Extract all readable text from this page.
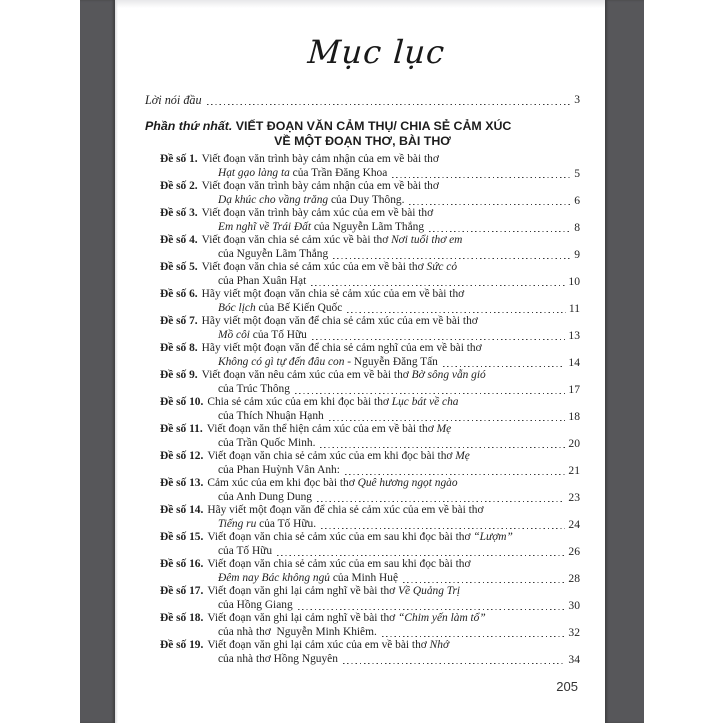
Mục lục
Lời nói đầu	3
Phần thứ nhất. VIẾT ĐOẠN VĂN CẢM THỤ/ CHIA SẺ CẢM XÚC
VỀ MỘT ĐOẠN THƠ, BÀI THƠ
Đề số 1. Viết đoạn văn trình bày cảm nhận của em về bài thơ
Hạt gạo làng ta của Trần Đăng Khoa	5
Đề số 2. Viết đoạn văn trình bày cảm nhận của em về bài thơ
Dạ khúc cho vầng trăng của Duy Thông.	6
Đề số 3. Viết đoạn văn trình bày cảm xúc của em về bài thơ
Em nghĩ về Trái Đất của Nguyễn Lãm Thắng	8
Đề số 4. Viết đoạn văn chia sẻ cảm xúc về bài thơ Nơi tuổi thơ em
của Nguyễn Lãm Thắng	9
Đề số 5. Viết đoạn văn chia sẻ cảm xúc của em về bài thơ Sức cỏ
của Phan Xuân Hạt	10
Đề số 6. Hãy viết một đoạn văn chia sẻ cảm xúc của em về bài thơ
Bóc lịch của Bế Kiến Quốc	11
Đề số 7. Hãy viết một đoạn văn để chia sẻ cảm xúc của em về bài thơ
Mồ côi của Tố Hữu	13
Đề số 8. Hãy viết một đoạn văn để chia sẻ cảm nghĩ của em về bài thơ
Không có gì tự đến đâu con - Nguyễn Đăng Tấn	14
Đề số 9. Viết đoạn văn nêu cảm xúc của em về bài thơ Bờ sông vẫn gió
của Trúc Thông	17
Đề số 10. Chia sẻ cảm xúc của em khi đọc bài thơ Lục bát về cha
của Thích Nhuận Hạnh	18
Đề số 11. Viết đoạn văn thể hiện cảm xúc của em về bài thơ Mẹ
của Trần Quốc Minh.	20
Đề số 12. Viết đoạn văn chia sẻ cảm xúc của em khi đọc bài thơ Mẹ
của Phan Huỳnh Vân Anh:	21
Đề số 13. Cảm xúc của em khi đọc bài thơ Quê hương ngọt ngào
của Anh Dung Dung	23
Đề số 14. Hãy viết một đoạn văn để chia sẻ cảm xúc của em về bài thơ
Tiếng ru của Tố Hữu.	24
Đề số 15. Viết đoạn văn chia sẻ cảm xúc của em sau khi đọc bài thơ “Lượm”
của Tố Hữu	26
Đề số 16. Viết đoạn văn chia sẻ cảm xúc của em sau khi đọc bài thơ
Đêm nay Bác không ngủ của Minh Huệ	28
Đề số 17. Viết đoạn văn ghi lại cảm nghĩ về bài thơ Về Quảng Trị
của Hồng Giang	30
Đề số 18. Viết đoạn văn ghi lại cảm nghĩ về bài thơ “Chim yến làm tổ”
của nhà thơ  Nguyễn Minh Khiêm.	32
Đề số 19. Viết đoạn văn ghi lại cảm xúc của em về bài thơ Nhớ
của nhà thơ Hồng Nguyên	34
205
